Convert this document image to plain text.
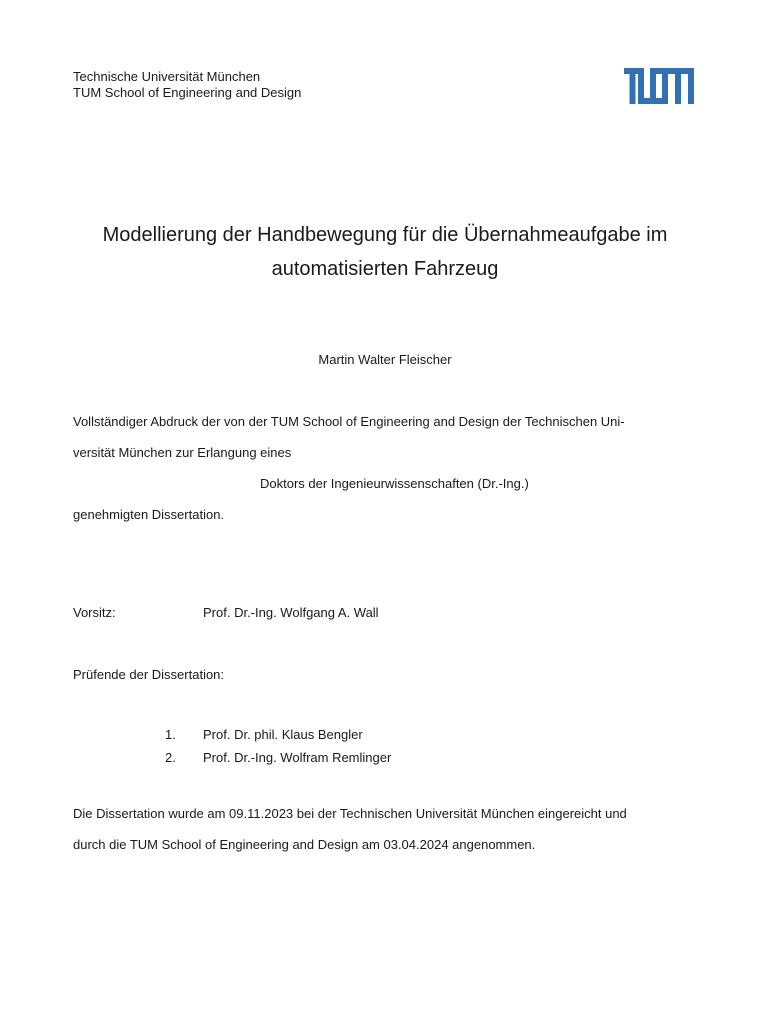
Technische Universität München
TUM School of Engineering and Design
Modellierung der Handbewegung für die Übernahmeaufgabe im
automatisierten Fahrzeug
Martin Walter Fleischer
Vollständiger Abdruck der von der TUM School of Engineering and Design der Technischen Uni-
versität München zur Erlangung eines
Doktors der Ingenieurwissenschaften (Dr.-Ing.)
genehmigten Dissertation.
Vorsitz:	Prof. Dr.-Ing. Wolfgang A. Wall
Prüfende der Dissertation:
1. Prof. Dr. phil. Klaus Bengler
2. Prof. Dr.-Ing. Wolfram Remlinger
Die Dissertation wurde am 09.11.2023 bei der Technischen Universität München eingereicht und
durch die TUM School of Engineering and Design am 03.04.2024 angenommen.
